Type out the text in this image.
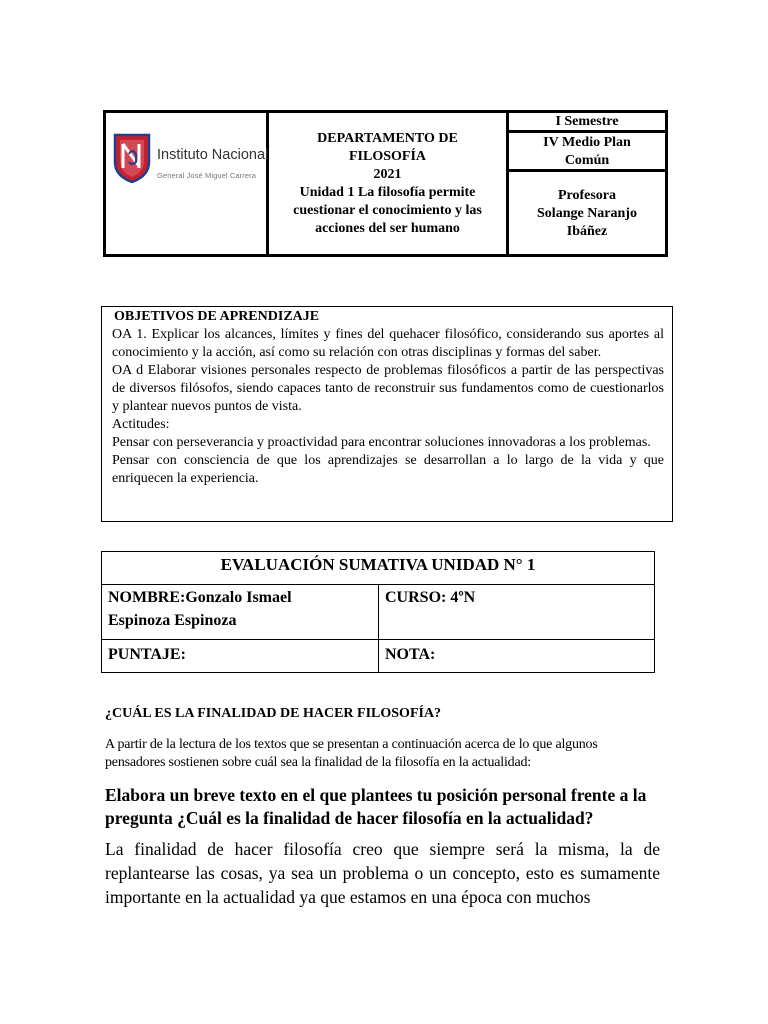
Instituto Nacional
General José Miguel Carrera
DEPARTAMENTO DE
FILOSOFÍA
2021
Unidad 1 La filosofía permite
cuestionar el conocimiento y las
acciones del ser humano
I Semestre
IV Medio Plan
Común
Profesora
Solange Naranjo
Ibáñez

OBJETIVOS DE APRENDIZAJE

OA 1. Explicar los alcances, límites y fines del quehacer filosófico, considerando sus aportes al conocimiento y la acción, así como su relación con otras disciplinas y formas del saber.

OA d Elaborar visiones personales respecto de problemas filosóficos a partir de las perspectivas de diversos filósofos, siendo capaces tanto de reconstruir sus fundamentos como de cuestionarlos y plantear nuevos puntos de vista.

Actitudes:

Pensar con perseverancia y proactividad para encontrar soluciones innovadoras a los problemas.

Pensar con consciencia de que los aprendizajes se desarrollan a lo largo de la vida y que enriquecen la experiencia.

EVALUACIÓN SUMATIVA UNIDAD N° 1
NOMBRE:Gonzalo Ismael
Espinoza Espinoza
CURSO: 4ºN
PUNTAJE:	NOTA:
¿CUÁL ES LA FINALIDAD DE HACER FILOSOFÍA?
A partir de la lectura de los textos que se presentan a continuación acerca de lo que algunos pensadores sostienen sobre cuál sea la finalidad de la filosofía en la actualidad:
Elabora un breve texto en el que plantees tu posición personal frente a la pregunta ¿Cuál es la finalidad de hacer filosofía en la actualidad?
La finalidad de hacer filosofía creo que siempre será la misma, la de replantearse las cosas, ya sea un problema o un concepto, esto es sumamente importante en la actualidad ya que estamos en una época con muchos
